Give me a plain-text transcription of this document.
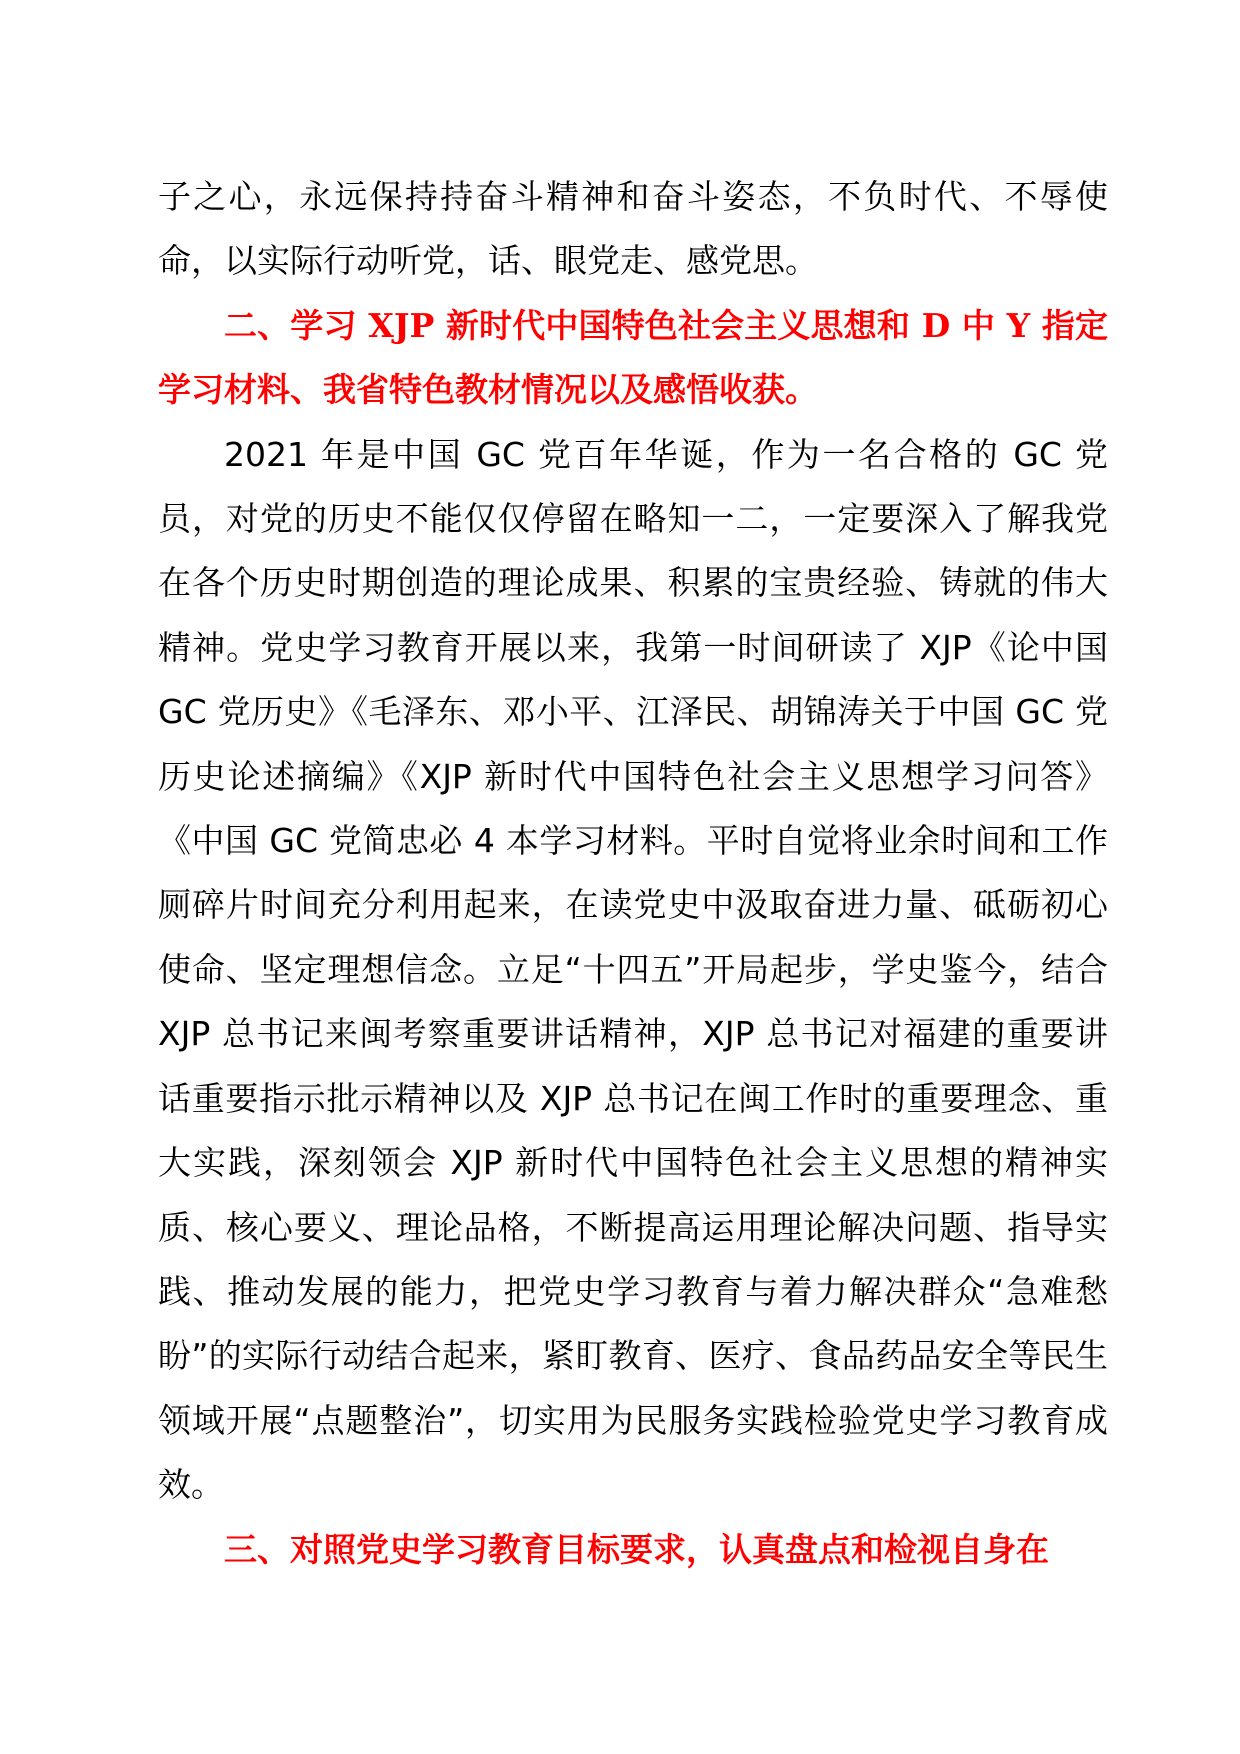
子之心，永远保持持奋斗精神和奋斗姿态，不负时代、不辱使命，以实际行动听党，话、眼党走、感党思。

二、学习 XJP 新时代中国特色社会主义思想和 D 中 Y 指定学习材料、我省特色教材情况以及感悟收获。

2021 年是中国 GC 党百年华诞，作为一名合格的 GC 党员，对党的历史不能仅仅停留在略知一二，一定要深入了解我党在各个历史时期创造的理论成果、积累的宝贵经验、铸就的伟大精神。党史学习教育开展以来，我第一时间研读了 XJP《论中国 GC 党历史》《毛泽东、邓小平、江泽民、胡锦涛关于中国 GC 党历史论述摘编》《XJP 新时代中国特色社会主义思想学习问答》《中国 GC 党简忠必 4 本学习材料。平时自觉将业余时间和工作厕碎片时间充分利用起来，在读党史中汲取奋进力量、砥砺初心使命、坚定理想信念。立足“十四五”开局起步，学史鉴今，结合 XJP 总书记来闽考察重要讲话精神，XJP 总书记对福建的重要讲话重要指示批示精神以及 XJP 总书记在闽工作时的重要理念、重大实践，深刻领会 XJP 新时代中国特色社会主义思想的精神实质、核心要义、理论品格，不断提高运用理论解决问题、指导实践、推动发展的能力，把党史学习教育与着力解决群众“急难愁盼”的实际行动结合起来，紧盯教育、医疗、食品药品安全等民生领域开展“点题整治”，切实用为民服务实践检验党史学习教育成效。

三、对照党史学习教育目标要求，认真盘点和检视自身在
